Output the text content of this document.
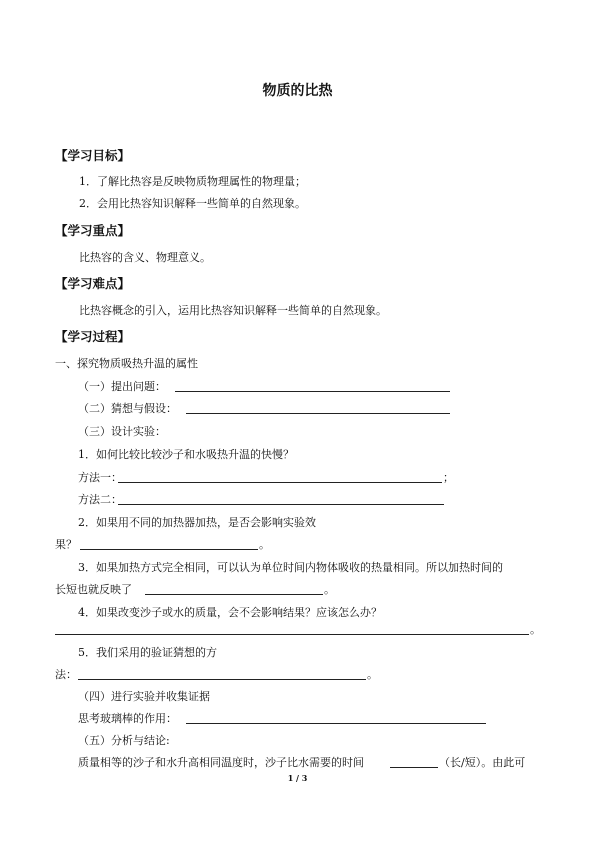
物质的比热
【学习目标】
1．了解比热容是反映物质物理属性的物理量；
2．会用比热容知识解释一些简单的自然现象。
【学习重点】
比热容的含义、物理意义。
【学习难点】
比热容概念的引入，运用比热容知识解释一些简单的自然现象。
【学习过程】
一、探究物质吸热升温的属性
（一）提出问题：
（二）猜想与假设：
（三）设计实验：
1．如何比较比较沙子和水吸热升温的快慢？
方法一：	；
方法二：
2．如果用不同的加热器加热，是否会影响实验效
果？	。
3．如果加热方式完全相同，可以认为单位时间内物体吸收的热量相同。所以加热时间的
长短也就反映了	。
4．如果改变沙子或水的质量，会不会影响结果？应该怎么办？
。
5．我们采用的验证猜想的方
法：	。
（四）进行实验并收集证据
思考玻璃棒的作用：
（五）分析与结论:
质量相等的沙子和水升高相同温度时，沙子比水需要的时间	（长/短）。由此可
1 / 3
